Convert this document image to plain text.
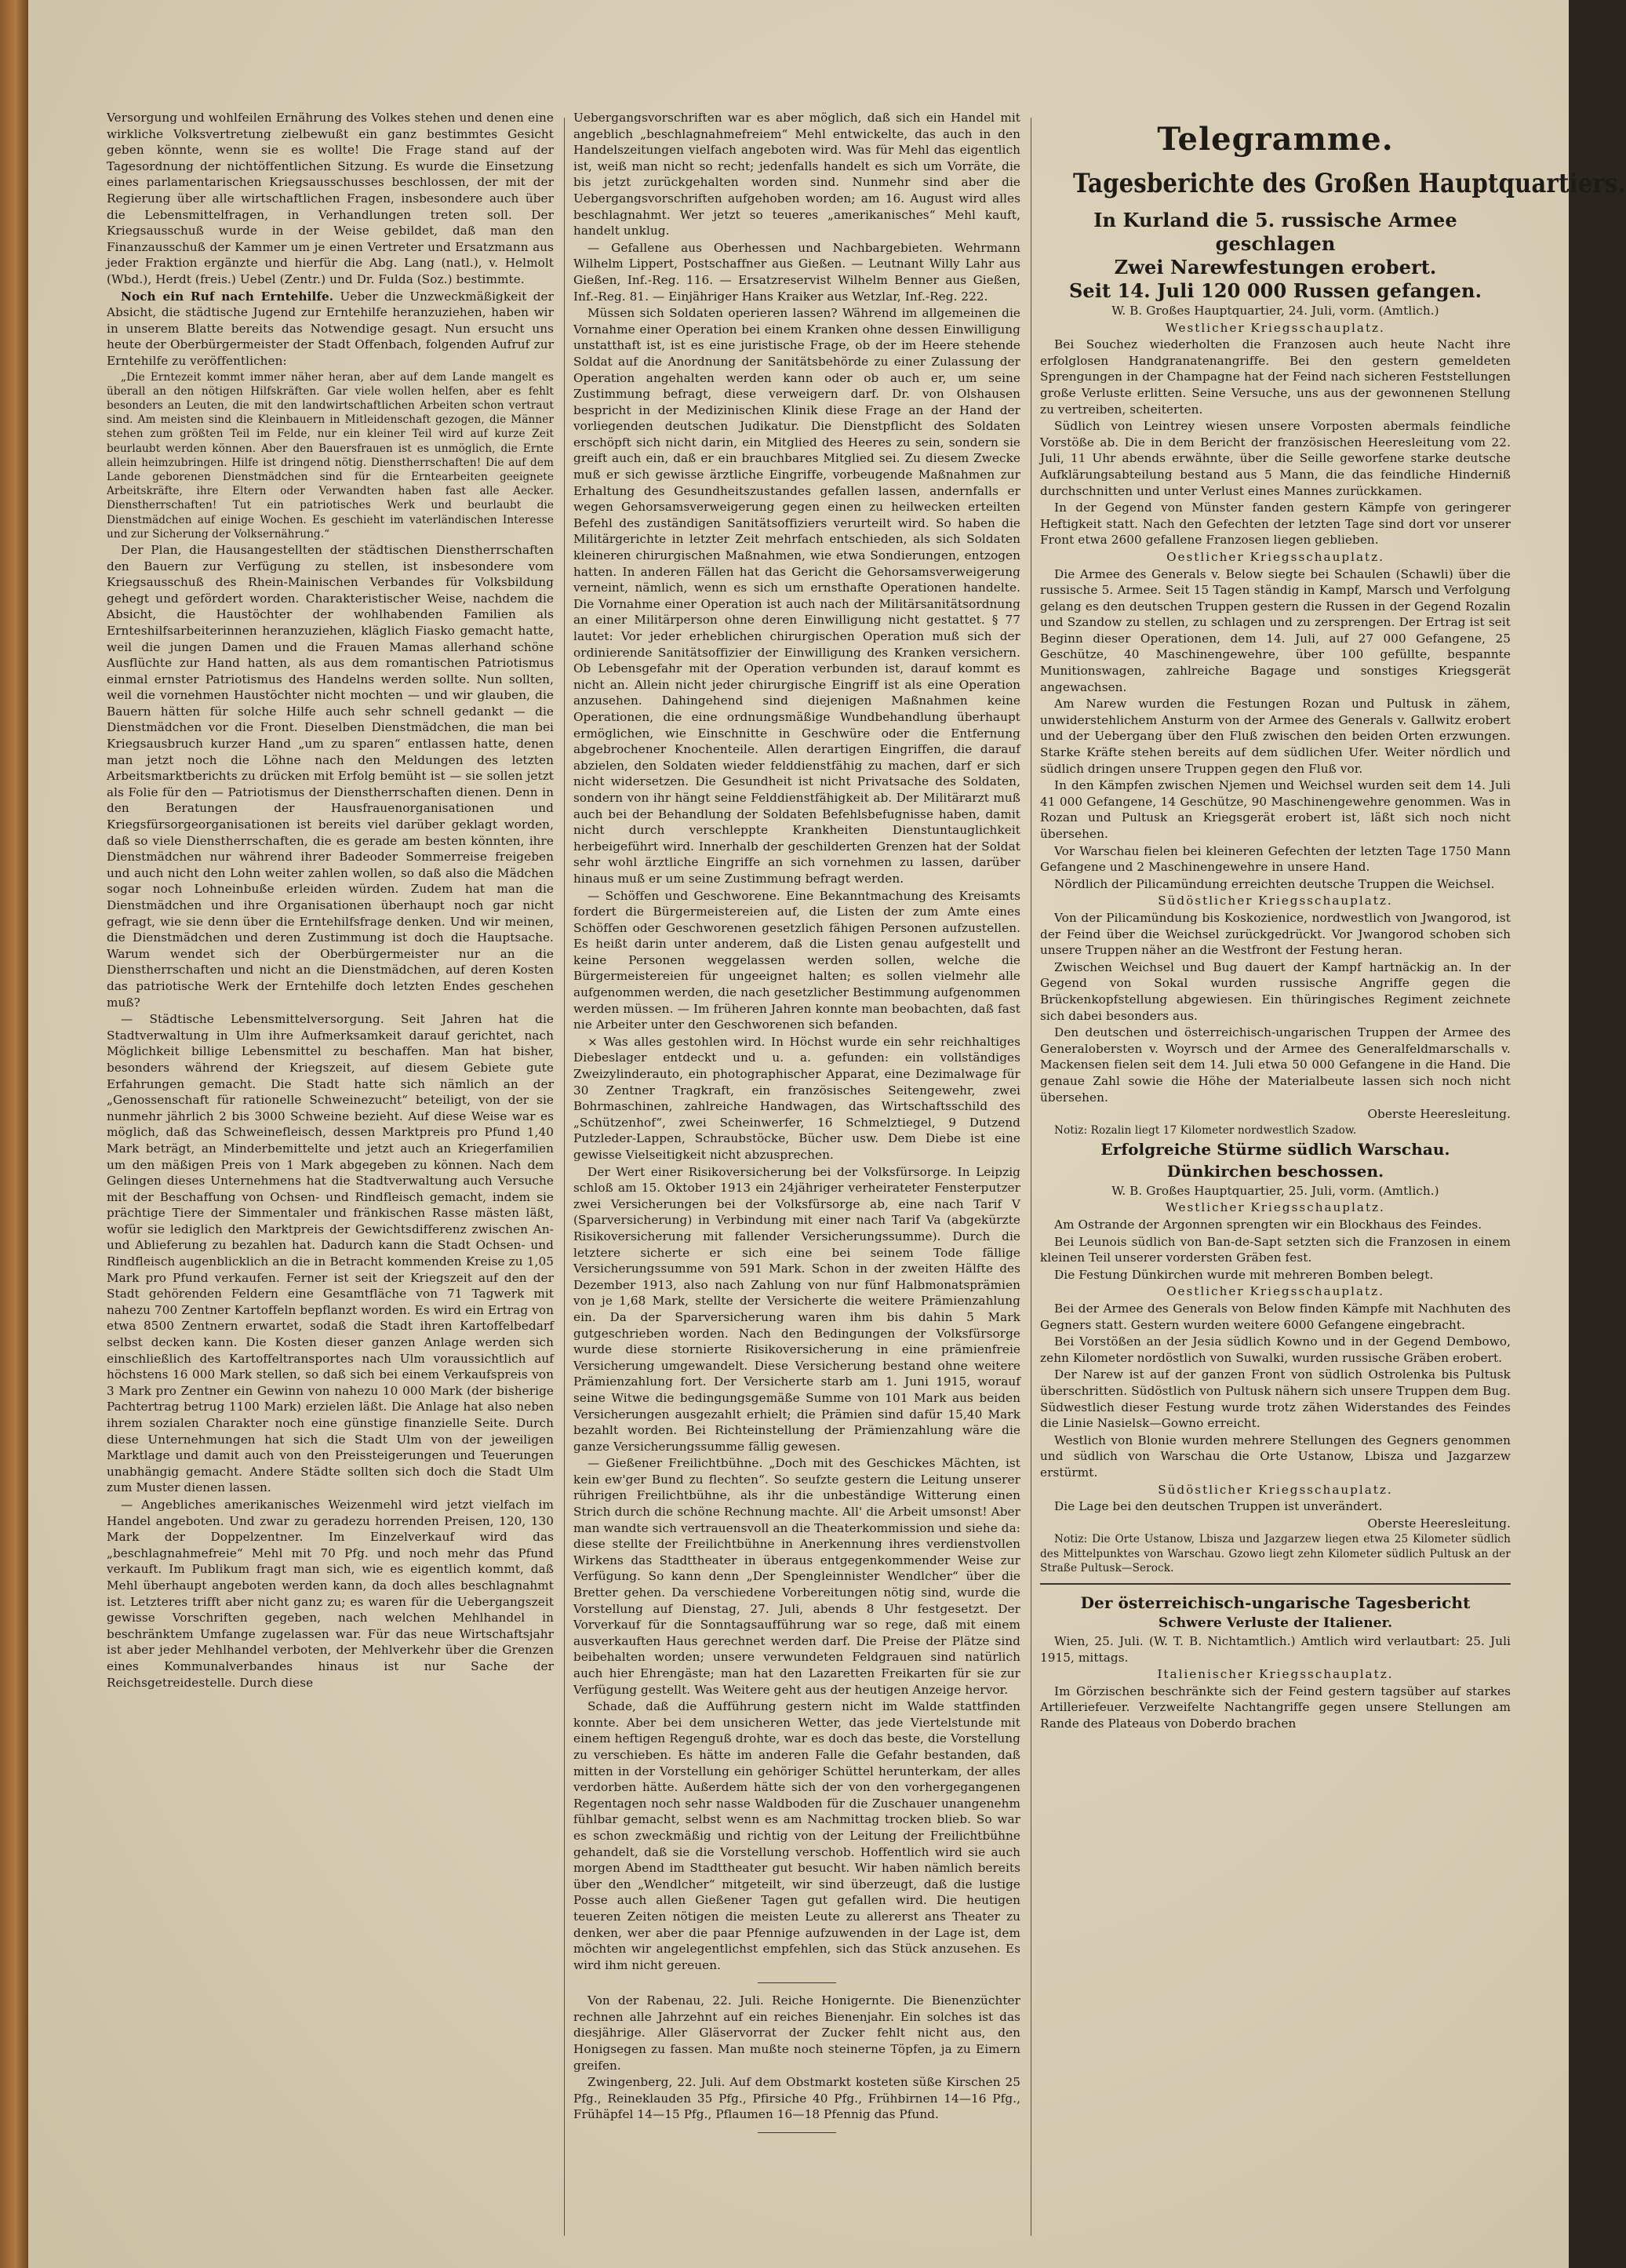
Versorgung und wohlfeilen Ernährung des Volkes stehen und denen eine wirkliche Volksvertretung zielbewußt ein ganz bestimmtes Gesicht geben könnte, wenn sie es wollte! Die Frage stand auf der Tagesordnung der nichtöffentlichen Sitzung. Es wurde die Einsetzung eines parlamentarischen Kriegsausschusses beschlossen, der mit der Regierung über alle wirtschaftlichen Fragen, insbesondere auch über die Lebensmittelfragen, in Verhandlungen treten soll. Der Kriegsausschuß wurde in der Weise gebildet, daß man den Finanzausschuß der Kammer um je einen Vertreter und Ersatzmann aus jeder Fraktion ergänzte und hierfür die Abg. Lang (natl.), v. Helmolt (Wbd.), Herdt (freis.) Uebel (Zentr.) und Dr. Fulda (Soz.) bestimmte.

Noch ein Ruf nach Erntehilfe. Ueber die Unzweckmäßigkeit der Absicht, die städtische Jugend zur Erntehilfe heranzuziehen, haben wir in unserem Blatte bereits das Notwendige gesagt. Nun ersucht uns heute der Oberbürgermeister der Stadt Offenbach, folgenden Aufruf zur Erntehilfe zu veröffentlichen:

„Die Erntezeit kommt immer näher heran, aber auf dem Lande mangelt es überall an den nötigen Hilfskräften. Gar viele wollen helfen, aber es fehlt besonders an Leuten, die mit den landwirtschaftlichen Arbeiten schon vertraut sind. Am meisten sind die Kleinbauern in Mitleidenschaft gezogen, die Männer stehen zum größten Teil im Felde, nur ein kleiner Teil wird auf kurze Zeit beurlaubt werden können. Aber den Bauersfrauen ist es unmöglich, die Ernte allein heimzubringen. Hilfe ist dringend nötig. Dienstherrschaften! Die auf dem Lande geborenen Dienstmädchen sind für die Erntearbeiten geeignete Arbeitskräfte, ihre Eltern oder Verwandten haben fast alle Aecker. Dienstherrschaften! Tut ein patriotisches Werk und beurlaubt die Dienstmädchen auf einige Wochen. Es geschieht im vaterländischen Interesse und zur Sicherung der Volksernährung.“

Der Plan, die Hausangestellten der städtischen Dienstherrschaften den Bauern zur Verfügung zu stellen, ist insbesondere vom Kriegsausschuß des Rhein-Mainischen Verbandes für Volksbildung gehegt und gefördert worden. Charakteristischer Weise, nachdem die Absicht, die Haustöchter der wohlhabenden Familien als Ernteshilfsarbeiterinnen heranzuziehen, kläglich Fiasko gemacht hatte, weil die jungen Damen und die Frauen Mamas allerhand schöne Ausflüchte zur Hand hatten, als aus dem romantischen Patriotismus einmal ernster Patriotismus des Handelns werden sollte. Nun sollten, weil die vornehmen Haustöchter nicht mochten — und wir glauben, die Bauern hätten für solche Hilfe auch sehr schnell gedankt — die Dienstmädchen vor die Front. Dieselben Dienstmädchen, die man bei Kriegsausbruch kurzer Hand „um zu sparen“ entlassen hatte, denen man jetzt noch die Löhne nach den Meldungen des letzten Arbeitsmarktberichts zu drücken mit Erfolg bemüht ist — sie sollen jetzt als Folie für den — Patriotismus der Dienstherrschaften dienen. Denn in den Beratungen der Hausfrauenorganisationen und Kriegsfürsorgeorganisationen ist bereits viel darüber geklagt worden, daß so viele Dienstherrschaften, die es gerade am besten könnten, ihre Dienstmädchen nur während ihrer Badeoder Sommerreise freigeben und auch nicht den Lohn weiter zahlen wollen, so daß also die Mädchen sogar noch Lohneinbuße erleiden würden. Zudem hat man die Dienstmädchen und ihre Organisationen überhaupt noch gar nicht gefragt, wie sie denn über die Erntehilfsfrage denken. Und wir meinen, die Dienstmädchen und deren Zustimmung ist doch die Hauptsache. Warum wendet sich der Oberbürgermeister nur an die Dienstherrschaften und nicht an die Dienstmädchen, auf deren Kosten das patriotische Werk der Erntehilfe doch letzten Endes geschehen muß?

— Städtische Lebensmittelversorgung. Seit Jahren hat die Stadtverwaltung in Ulm ihre Aufmerksamkeit darauf gerichtet, nach Möglichkeit billige Lebensmittel zu beschaffen. Man hat bisher, besonders während der Kriegszeit, auf diesem Gebiete gute Erfahrungen gemacht. Die Stadt hatte sich nämlich an der „Genossenschaft für rationelle Schweinezucht“ beteiligt, von der sie nunmehr jährlich 2 bis 3000 Schweine bezieht. Auf diese Weise war es möglich, daß das Schweinefleisch, dessen Marktpreis pro Pfund 1,40 Mark beträgt, an Minderbemittelte und jetzt auch an Kriegerfamilien um den mäßigen Preis von 1 Mark abgegeben zu können. Nach dem Gelingen dieses Unternehmens hat die Stadtverwaltung auch Versuche mit der Beschaffung von Ochsen- und Rindfleisch gemacht, indem sie prächtige Tiere der Simmentaler und fränkischen Rasse mästen läßt, wofür sie lediglich den Marktpreis der Gewichtsdifferenz zwischen An- und Ablieferung zu bezahlen hat. Dadurch kann die Stadt Ochsen- und Rindfleisch augenblicklich an die in Betracht kommenden Kreise zu 1,05 Mark pro Pfund verkaufen. Ferner ist seit der Kriegszeit auf den der Stadt gehörenden Feldern eine Gesamtfläche von 71 Tagwerk mit nahezu 700 Zentner Kartoffeln bepflanzt worden. Es wird ein Ertrag von etwa 8500 Zentnern erwartet, sodaß die Stadt ihren Kartoffelbedarf selbst decken kann. Die Kosten dieser ganzen Anlage werden sich einschließlich des Kartoffeltransportes nach Ulm voraussichtlich auf höchstens 16 000 Mark stellen, so daß sich bei einem Verkaufspreis von 3 Mark pro Zentner ein Gewinn von nahezu 10 000 Mark (der bisherige Pachtertrag betrug 1100 Mark) erzielen läßt. Die Anlage hat also neben ihrem sozialen Charakter noch eine günstige finanzielle Seite. Durch diese Unternehmungen hat sich die Stadt Ulm von der jeweiligen Marktlage und damit auch von den Preissteigerungen und Teuerungen unabhängig gemacht. Andere Städte sollten sich doch die Stadt Ulm zum Muster dienen lassen.

— Angebliches amerikanisches Weizenmehl wird jetzt vielfach im Handel angeboten. Und zwar zu geradezu horrenden Preisen, 120, 130 Mark der Doppelzentner. Im Einzelverkauf wird das „beschlagnahmefreie“ Mehl mit 70 Pfg. und noch mehr das Pfund verkauft. Im Publikum fragt man sich, wie es eigentlich kommt, daß Mehl überhaupt angeboten werden kann, da doch alles beschlagnahmt ist. Letzteres trifft aber nicht ganz zu; es waren für die Uebergangszeit gewisse Vorschriften gegeben, nach welchen Mehlhandel in beschränktem Umfange zugelassen war. Für das neue Wirtschaftsjahr ist aber jeder Mehlhandel verboten, der Mehlverkehr über die Grenzen eines Kommunalverbandes hinaus ist nur Sache der Reichsgetreidestelle. Durch diese

Uebergangsvorschriften war es aber möglich, daß sich ein Handel mit angeblich „beschlagnahmefreiem“ Mehl entwickelte, das auch in den Handelszeitungen vielfach angeboten wird. Was für Mehl das eigentlich ist, weiß man nicht so recht; jedenfalls handelt es sich um Vorräte, die bis jetzt zurückgehalten worden sind. Nunmehr sind aber die Uebergangsvorschriften aufgehoben worden; am 16. August wird alles beschlagnahmt. Wer jetzt so teueres „amerikanisches“ Mehl kauft, handelt unklug.

— Gefallene aus Oberhessen und Nachbargebieten. Wehrmann Wilhelm Lippert, Postschaffner aus Gießen. — Leutnant Willy Lahr aus Gießen, Inf.-Reg. 116. — Ersatzreservist Wilhelm Benner aus Gießen, Inf.-Reg. 81. — Einjähriger Hans Kraiker aus Wetzlar, Inf.-Reg. 222.

Müssen sich Soldaten operieren lassen? Während im allgemeinen die Vornahme einer Operation bei einem Kranken ohne dessen Einwilligung unstatthaft ist, ist es eine juristische Frage, ob der im Heere stehende Soldat auf die Anordnung der Sanitätsbehörde zu einer Zulassung der Operation angehalten werden kann oder ob auch er, um seine Zustimmung befragt, diese verweigern darf. Dr. von Olshausen bespricht in der Medizinischen Klinik diese Frage an der Hand der vorliegenden deutschen Judikatur. Die Dienstpflicht des Soldaten erschöpft sich nicht darin, ein Mitglied des Heeres zu sein, sondern sie greift auch ein, daß er ein brauchbares Mitglied sei. Zu diesem Zwecke muß er sich gewisse ärztliche Eingriffe, vorbeugende Maßnahmen zur Erhaltung des Gesundheitszustandes gefallen lassen, andernfalls er wegen Gehorsamsverweigerung gegen einen zu heilwecken erteilten Befehl des zuständigen Sanitätsoffiziers verurteilt wird. So haben die Militärgerichte in letzter Zeit mehrfach entschieden, als sich Soldaten kleineren chirurgischen Maßnahmen, wie etwa Sondierungen, entzogen hatten. In anderen Fällen hat das Gericht die Gehorsamsverweigerung verneint, nämlich, wenn es sich um ernsthafte Operationen handelte. Die Vornahme einer Operation ist auch nach der Militärsanitätsordnung an einer Militärperson ohne deren Einwilligung nicht gestattet. § 77 lautet: Vor jeder erheblichen chirurgischen Operation muß sich der ordinierende Sanitätsoffizier der Einwilligung des Kranken versichern. Ob Lebensgefahr mit der Operation verbunden ist, darauf kommt es nicht an. Allein nicht jeder chirurgische Eingriff ist als eine Operation anzusehen. Dahingehend sind diejenigen Maßnahmen keine Operationen, die eine ordnungsmäßige Wundbehandlung überhaupt ermöglichen, wie Einschnitte in Geschwüre oder die Entfernung abgebrochener Knochenteile. Allen derartigen Eingriffen, die darauf abzielen, den Soldaten wieder felddienstfähig zu machen, darf er sich nicht widersetzen. Die Gesundheit ist nicht Privatsache des Soldaten, sondern von ihr hängt seine Felddienstfähigkeit ab. Der Militärarzt muß auch bei der Behandlung der Soldaten Befehlsbefugnisse haben, damit nicht durch verschleppte Krankheiten Dienstuntauglichkeit herbeigeführt wird. Innerhalb der geschilderten Grenzen hat der Soldat sehr wohl ärztliche Eingriffe an sich vornehmen zu lassen, darüber hinaus muß er um seine Zustimmung befragt werden.

— Schöffen und Geschworene. Eine Bekanntmachung des Kreisamts fordert die Bürgermeistereien auf, die Listen der zum Amte eines Schöffen oder Geschworenen gesetzlich fähigen Personen aufzustellen. Es heißt darin unter anderem, daß die Listen genau aufgestellt und keine Personen weggelassen werden sollen, welche die Bürgermeistereien für ungeeignet halten; es sollen vielmehr alle aufgenommen werden, die nach gesetzlicher Bestimmung aufgenommen werden müssen. — Im früheren Jahren konnte man beobachten, daß fast nie Arbeiter unter den Geschworenen sich befanden.

× Was alles gestohlen wird. In Höchst wurde ein sehr reichhaltiges Diebeslager entdeckt und u. a. gefunden: ein vollständiges Zweizylinderauto, ein photographischer Apparat, eine Dezimalwage für 30 Zentner Tragkraft, ein französisches Seitengewehr, zwei Bohrmaschinen, zahlreiche Handwagen, das Wirtschaftsschild des „Schützenhof“, zwei Scheinwerfer, 16 Schmelztiegel, 9 Dutzend Putzleder-Lappen, Schraubstöcke, Bücher usw. Dem Diebe ist eine gewisse Vielseitigkeit nicht abzusprechen.

Der Wert einer Risikoversicherung bei der Volksfürsorge. In Leipzig schloß am 15. Oktober 1913 ein 24jähriger verheirateter Fensterputzer zwei Versicherungen bei der Volksfürsorge ab, eine nach Tarif V (Sparversicherung) in Verbindung mit einer nach Tarif Va (abgekürzte Risikoversicherung mit fallender Versicherungssumme). Durch die letztere sicherte er sich eine bei seinem Tode fällige Versicherungssumme von 591 Mark. Schon in der zweiten Hälfte des Dezember 1913, also nach Zahlung von nur fünf Halbmonatsprämien von je 1,68 Mark, stellte der Versicherte die weitere Prämienzahlung ein. Da der Sparversicherung waren ihm bis dahin 5 Mark gutgeschrieben worden. Nach den Bedingungen der Volksfürsorge wurde diese stornierte Risikoversicherung in eine prämienfreie Versicherung umgewandelt. Diese Versicherung bestand ohne weitere Prämienzahlung fort. Der Versicherte starb am 1. Juni 1915, worauf seine Witwe die bedingungsgemäße Summe von 101 Mark aus beiden Versicherungen ausgezahlt erhielt; die Prämien sind dafür 15,40 Mark bezahlt worden. Bei Richteinstellung der Prämienzahlung wäre die ganze Versicherungssumme fällig gewesen.

— Gießener Freilichtbühne. „Doch mit des Geschickes Mächten, ist kein ew'ger Bund zu flechten“. So seufzte gestern die Leitung unserer rührigen Freilichtbühne, als ihr die unbeständige Witterung einen Strich durch die schöne Rechnung machte. All' die Arbeit umsonst! Aber man wandte sich vertrauensvoll an die Theaterkommission und siehe da: diese stellte der Freilichtbühne in Anerkennung ihres verdienstvollen Wirkens das Stadttheater in überaus entgegenkommender Weise zur Verfügung. So kann denn „Der Spengleinnister Wendlcher“ über die Bretter gehen. Da verschiedene Vorbereitungen nötig sind, wurde die Vorstellung auf Dienstag, 27. Juli, abends 8 Uhr festgesetzt. Der Vorverkauf für die Sonntagsaufführung war so rege, daß mit einem ausverkauften Haus gerechnet werden darf. Die Preise der Plätze sind beibehalten worden; unsere verwundeten Feldgrauen sind natürlich auch hier Ehrengäste; man hat den Lazaretten Freikarten für sie zur Verfügung gestellt. Was Weitere geht aus der heutigen Anzeige hervor.

Schade, daß die Aufführung gestern nicht im Walde stattfinden konnte. Aber bei dem unsicheren Wetter, das jede Viertelstunde mit einem heftigen Regenguß drohte, war es doch das beste, die Vorstellung zu verschieben. Es hätte im anderen Falle die Gefahr bestanden, daß mitten in der Vorstellung ein gehöriger Schüttel herunterkam, der alles verdorben hätte. Außerdem hätte sich der von den vorhergegangenen Regentagen noch sehr nasse Waldboden für die Zuschauer unangenehm fühlbar gemacht, selbst wenn es am Nachmittag trocken blieb. So war es schon zweckmäßig und richtig von der Leitung der Freilichtbühne gehandelt, daß sie die Vorstellung verschob. Hoffentlich wird sie auch morgen Abend im Stadttheater gut besucht. Wir haben nämlich bereits über den „Wendlcher“ mitgeteilt, wir sind überzeugt, daß die lustige Posse auch allen Gießener Tagen gut gefallen wird. Die heutigen teueren Zeiten nötigen die meisten Leute zu allererst ans Theater zu denken, wer aber die paar Pfennige aufzuwenden in der Lage ist, dem möchten wir angelegentlichst empfehlen, sich das Stück anzusehen. Es wird ihm nicht gereuen.

Von der Rabenau, 22. Juli. Reiche Honigernte. Die Bienenzüchter rechnen alle Jahrzehnt auf ein reiches Bienenjahr. Ein solches ist das diesjährige. Aller Gläservorrat der Zucker fehlt nicht aus, den Honigsegen zu fassen. Man mußte noch steinerne Töpfen, ja zu Eimern greifen.

Zwingenberg, 22. Juli. Auf dem Obstmarkt kosteten süße Kirschen 25 Pfg., Reineklauden 35 Pfg., Pfirsiche 40 Pfg., Frühbirnen 14—16 Pfg., Frühäpfel 14—15 Pfg., Pflaumen 16—18 Pfennig das Pfund.

Telegramme.

Tagesberichte des Großen Hauptquartiers.

In Kurland die 5. russische Armee geschlagen

Zwei Narewfestungen erobert.

Seit 14. Juli 120 000 Russen gefangen.

W. B. Großes Hauptquartier, 24. Juli, vorm. (Amtlich.)

Westlicher Kriegsschauplatz.

Bei Souchez wiederholten die Franzosen auch heute Nacht ihre erfolglosen Handgranatenangriffe. Bei den gestern gemeldeten Sprengungen in der Champagne hat der Feind nach sicheren Feststellungen große Verluste erlitten. Seine Versuche, uns aus der gewonnenen Stellung zu vertreiben, scheiterten.

Südlich von Leintrey wiesen unsere Vorposten abermals feindliche Vorstöße ab. Die in dem Bericht der französischen Heeresleitung vom 22. Juli, 11 Uhr abends erwähnte, über die Seille geworfene starke deutsche Aufklärungsabteilung bestand aus 5 Mann, die das feindliche Hinderniß durchschnitten und unter Verlust eines Mannes zurückkamen.

In der Gegend von Münster fanden gestern Kämpfe von geringerer Heftigkeit statt. Nach den Gefechten der letzten Tage sind dort vor unserer Front etwa 2600 gefallene Franzosen liegen geblieben.

Oestlicher Kriegsschauplatz.

Die Armee des Generals v. Below siegte bei Schaulen (Schawli) über die russische 5. Armee. Seit 15 Tagen ständig in Kampf, Marsch und Verfolgung gelang es den deutschen Truppen gestern die Russen in der Gegend Rozalin und Szandow zu stellen, zu schlagen und zu zersprengen. Der Ertrag ist seit Beginn dieser Operationen, dem 14. Juli, auf 27 000 Gefangene, 25 Geschütze, 40 Maschinengewehre, über 100 gefüllte, bespannte Munitionswagen, zahlreiche Bagage und sonstiges Kriegsgerät angewachsen.

Am Narew wurden die Festungen Rozan und Pultusk in zähem, unwiderstehlichem Ansturm von der Armee des Generals v. Gallwitz erobert und der Uebergang über den Fluß zwischen den beiden Orten erzwungen. Starke Kräfte stehen bereits auf dem südlichen Ufer. Weiter nördlich und südlich dringen unsere Truppen gegen den Fluß vor.

In den Kämpfen zwischen Njemen und Weichsel wurden seit dem 14. Juli 41 000 Gefangene, 14 Geschütze, 90 Maschinengewehre genommen. Was in Rozan und Pultusk an Kriegsgerät erobert ist, läßt sich noch nicht übersehen.

Vor Warschau fielen bei kleineren Gefechten der letzten Tage 1750 Mann Gefangene und 2 Maschinengewehre in unsere Hand.

Nördlich der Pilicamündung erreichten deutsche Truppen die Weichsel.

Südöstlicher Kriegsschauplatz.

Von der Pilicamündung bis Koskozienice, nordwestlich von Jwangorod, ist der Feind über die Weichsel zurückgedrückt. Vor Jwangorod schoben sich unsere Truppen näher an die Westfront der Festung heran.

Zwischen Weichsel und Bug dauert der Kampf hartnäckig an. In der Gegend von Sokal wurden russische Angriffe gegen die Brückenkopfstellung abgewiesen. Ein thüringisches Regiment zeichnete sich dabei besonders aus.

Den deutschen und österreichisch-ungarischen Truppen der Armee des Generalobersten v. Woyrsch und der Armee des Generalfeldmarschalls v. Mackensen fielen seit dem 14. Juli etwa 50 000 Gefangene in die Hand. Die genaue Zahl sowie die Höhe der Materialbeute lassen sich noch nicht übersehen.

Oberste Heeresleitung.

Notiz: Rozalin liegt 17 Kilometer nordwestlich Szadow.

Erfolgreiche Stürme südlich Warschau.

Dünkirchen beschossen.

W. B. Großes Hauptquartier, 25. Juli, vorm. (Amtlich.)

Westlicher Kriegsschauplatz.

Am Ostrande der Argonnen sprengten wir ein Blockhaus des Feindes.

Bei Leunois südlich von Ban-de-Sapt setzten sich die Franzosen in einem kleinen Teil unserer vordersten Gräben fest.

Die Festung Dünkirchen wurde mit mehreren Bomben belegt.

Oestlicher Kriegsschauplatz.

Bei der Armee des Generals von Below finden Kämpfe mit Nachhuten des Gegners statt. Gestern wurden weitere 6000 Gefangene eingebracht.

Bei Vorstößen an der Jesia südlich Kowno und in der Gegend Dembowo, zehn Kilometer nordöstlich von Suwalki, wurden russische Gräben erobert.

Der Narew ist auf der ganzen Front von südlich Ostrolenka bis Pultusk überschritten. Südöstlich von Pultusk nähern sich unsere Truppen dem Bug. Südwestlich dieser Festung wurde trotz zähen Widerstandes des Feindes die Linie Nasielsk—Gowno erreicht.

Westlich von Blonie wurden mehrere Stellungen des Gegners genommen und südlich von Warschau die Orte Ustanow, Lbisza und Jazgarzew erstürmt.

Südöstlicher Kriegsschauplatz.

Die Lage bei den deutschen Truppen ist unverändert.

Oberste Heeresleitung.

Notiz: Die Orte Ustanow, Lbisza und Jazgarzew liegen etwa 25 Kilometer südlich des Mittelpunktes von Warschau. Gzowo liegt zehn Kilometer südlich Pultusk an der Straße Pultusk—Serock.

Der österreichisch-ungarische Tagesbericht

Schwere Verluste der Italiener.

Wien, 25. Juli. (W. T. B. Nichtamtlich.) Amtlich wird verlautbart: 25. Juli 1915, mittags.

Italienischer Kriegsschauplatz.

Im Görzischen beschränkte sich der Feind gestern tagsüber auf starkes Artilleriefeuer. Verzweifelte Nachtangriffe gegen unsere Stellungen am Rande des Plateaus von Doberdo brachen
